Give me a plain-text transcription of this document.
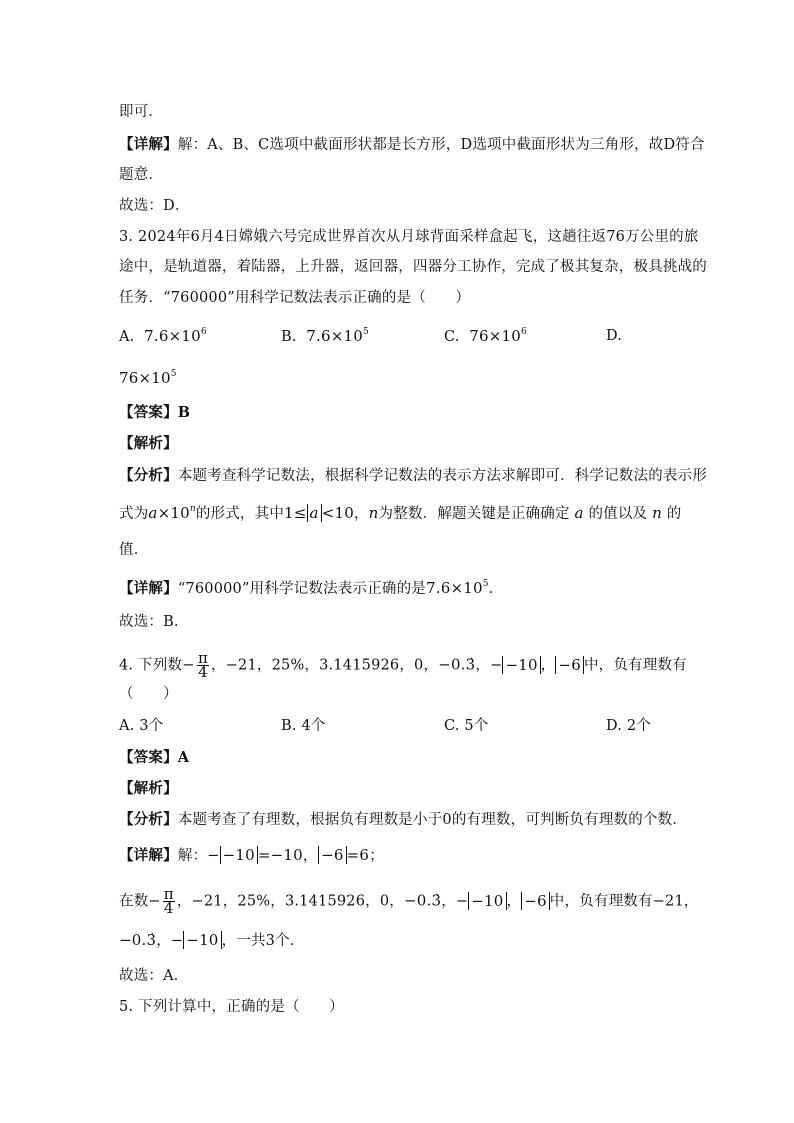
即可．
【详解】解：A、B、C选项中截面形状都是长方形，D选项中截面形状为三角形，故D符合
题意．
故选：D．
3. 2024年6月4日嫦娥六号完成世界首次从月球背面采样盒起飞，这趟往返76万公里的旅
途中，是轨道器，着陆器，上升器，返回器，四器分工协作，完成了极其复杂，极具挑战的
任务．“760000”用科学记数法表示正确的是（　　）
A. $7.6\times 10^6$	B. $7.6\times 10^5$	C. $76\times 10^6$	D.
$76\times 10^5$
【答案】B
【解析】
【分析】本题考查科学记数法，根据科学记数法的表示方法求解即可．科学记数法的表示形
式为$a\times 10^n$的形式，其中1≤ a <10，n为整数．解题关键是正确确定 a 的值以及 n 的
值．
【详解】“760000”用科学记数法表示正确的是$7.6\times 10^5$．
故选：B．
4. 下列数− $\frac{\pi}{4}$ ，−21，25%，3.1415926，0，−0.3̇，− −10 ， −6 中，负有理数有
（　　）
A. 3个	B. 4个	C. 5个	D. 2个
【答案】A
【解析】
【分析】本题考查了有理数，根据负有理数是小于0的有理数，可判断负有理数的个数．
【详解】解：− −10 =−10， −6 =6；
在数− $\frac{\pi}{4}$ ，−21，25%，3.1415926，0，−0.3̇，− −10 ， −6 中，负有理数有−21，
−0.3̇，− −10 ，一共3个．
故选：A．
5. 下列计算中，正确的是（　　）
